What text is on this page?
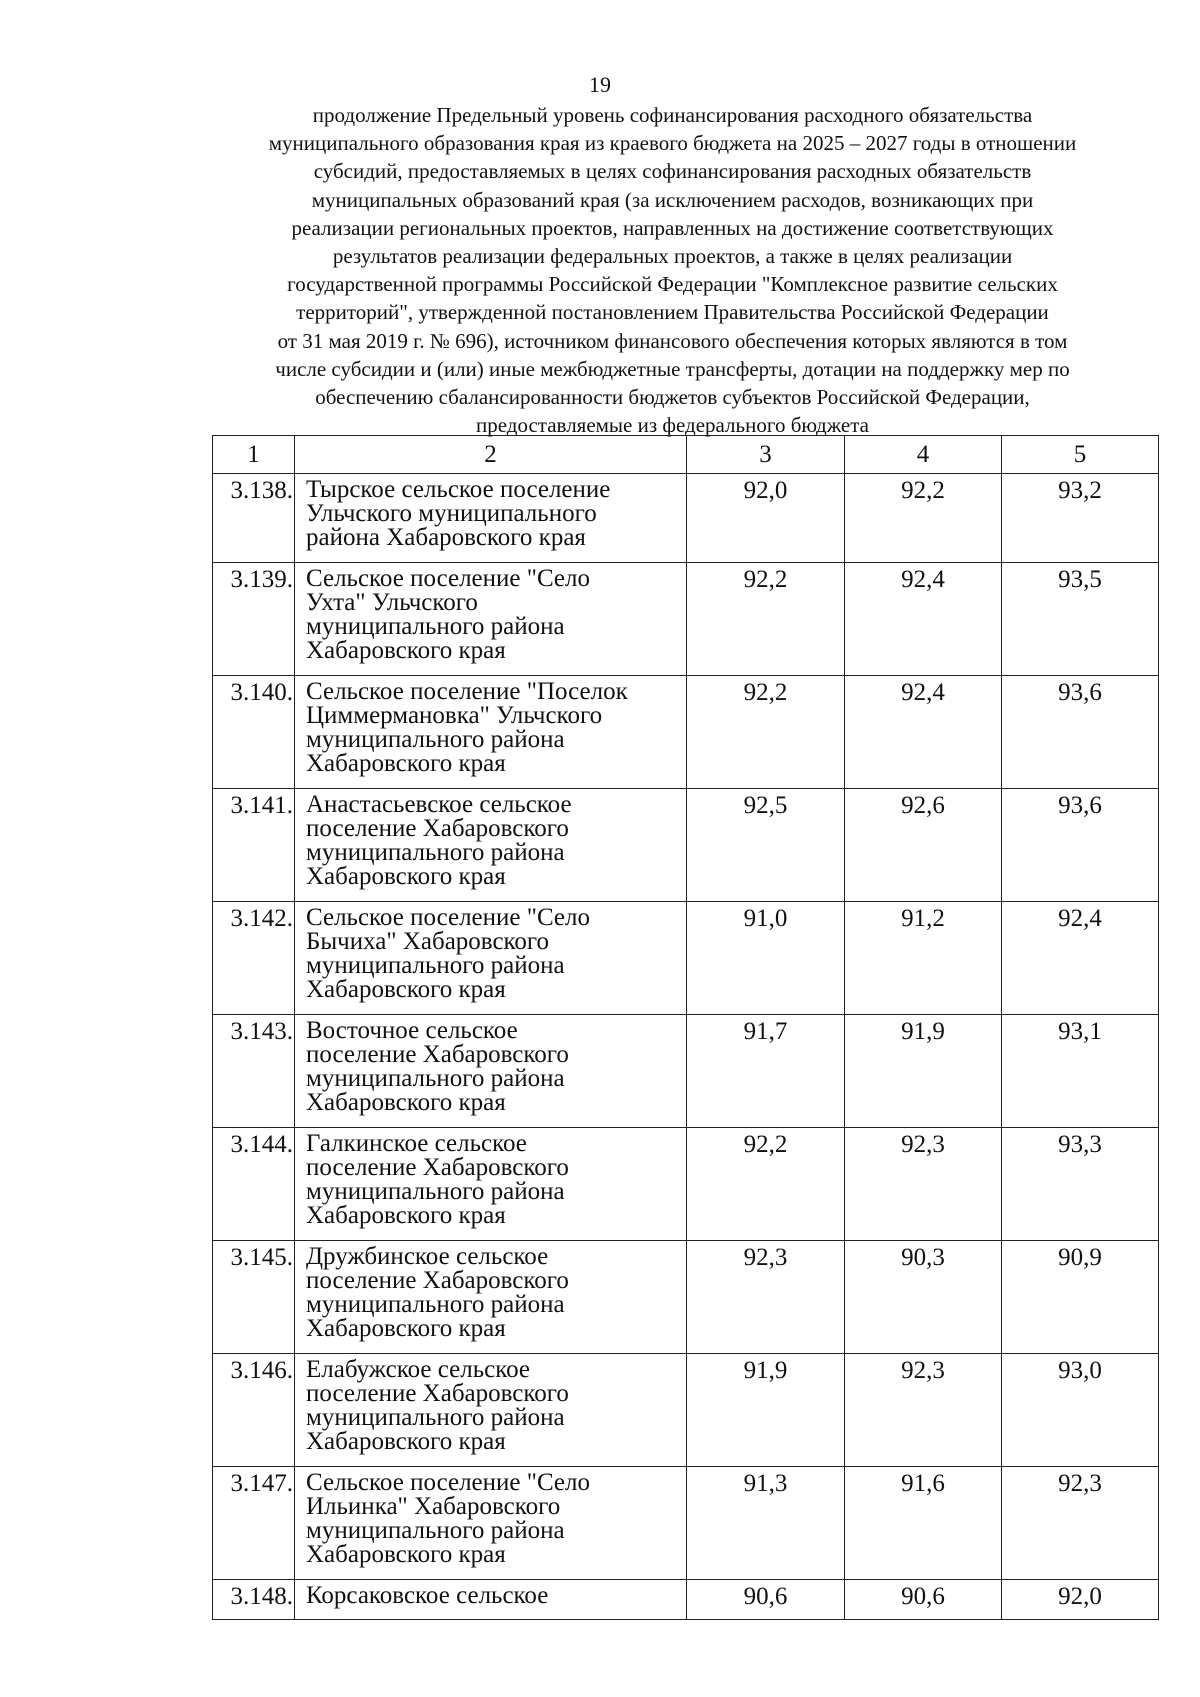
19
продолжение Предельный уровень софинансирования расходного обязательства
муниципального образования края из краевого бюджета на 2025 – 2027 годы в отношении
субсидий, предоставляемых в целях софинансирования расходных обязательств
муниципальных образований края (за исключением расходов, возникающих при
реализации региональных проектов, направленных на достижение соответствующих
результатов реализации федеральных проектов, а также в целях реализации
государственной программы Российской Федерации "Комплексное развитие сельских
территорий", утвержденной постановлением Правительства Российской Федерации
от 31 мая 2019 г. № 696), источником финансового обеспечения которых являются в том
числе субсидии и (или) иные межбюджетные трансферты, дотации на поддержку мер по
обеспечению сбалансированности бюджетов субъектов Российской Федерации,
предоставляемые из федерального бюджета
1	2	3	4	5
3.138.	Тырское сельское поселение
Ульчского муниципального
района Хабаровского края	92,0	92,2	93,2
3.139.	Сельское поселение "Село
Ухта" Ульчского
муниципального района
Хабаровского края	92,2	92,4	93,5
3.140.	Сельское поселение "Поселок
Циммермановка" Ульчского
муниципального района
Хабаровского края	92,2	92,4	93,6
3.141.	Анастасьевское сельское
поселение Хабаровского
муниципального района
Хабаровского края	92,5	92,6	93,6
3.142.	Сельское поселение "Село
Бычиха" Хабаровского
муниципального района
Хабаровского края	91,0	91,2	92,4
3.143.	Восточное сельское
поселение Хабаровского
муниципального района
Хабаровского края	91,7	91,9	93,1
3.144.	Галкинское сельское
поселение Хабаровского
муниципального района
Хабаровского края	92,2	92,3	93,3
3.145.	Дружбинское сельское
поселение Хабаровского
муниципального района
Хабаровского края	92,3	90,3	90,9
3.146.	Елабужское сельское
поселение Хабаровского
муниципального района
Хабаровского края	91,9	92,3	93,0
3.147.	Сельское поселение "Село
Ильинка" Хабаровского
муниципального района
Хабаровского края	91,3	91,6	92,3
3.148.	Корсаковское сельское	90,6	90,6	92,0
